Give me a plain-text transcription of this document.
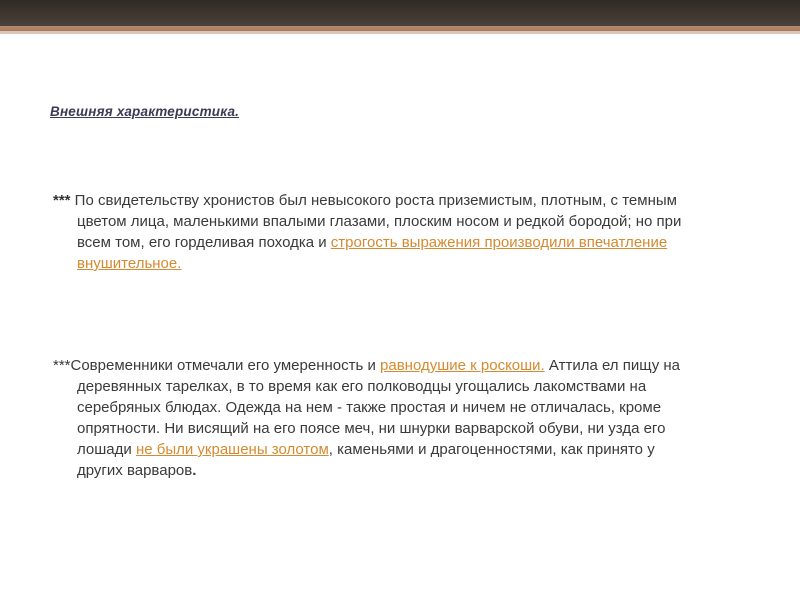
Внешняя характеристика.
*** По свидетельству хронистов был невысокого роста приземистым, плотным, с темным
цветом лица, маленькими впалыми глазами, плоским носом и редкой бородой; но при
всем том, его горделивая походка и строгость выражения производили впечатление
внушительное.
***Современники отмечали его умеренность и равнодушие к роскоши. Аттила ел пищу на
деревянных тарелках, в то время как его полководцы угощались лакомствами на
серебряных блюдах. Одежда на нем - также простая и ничем не отличалась, кроме
опрятности. Ни висящий на его поясе меч, ни шнурки варварской обуви, ни узда его
лошади не были украшены золотом, каменьями и драгоценностями, как принято у
других варваров.
